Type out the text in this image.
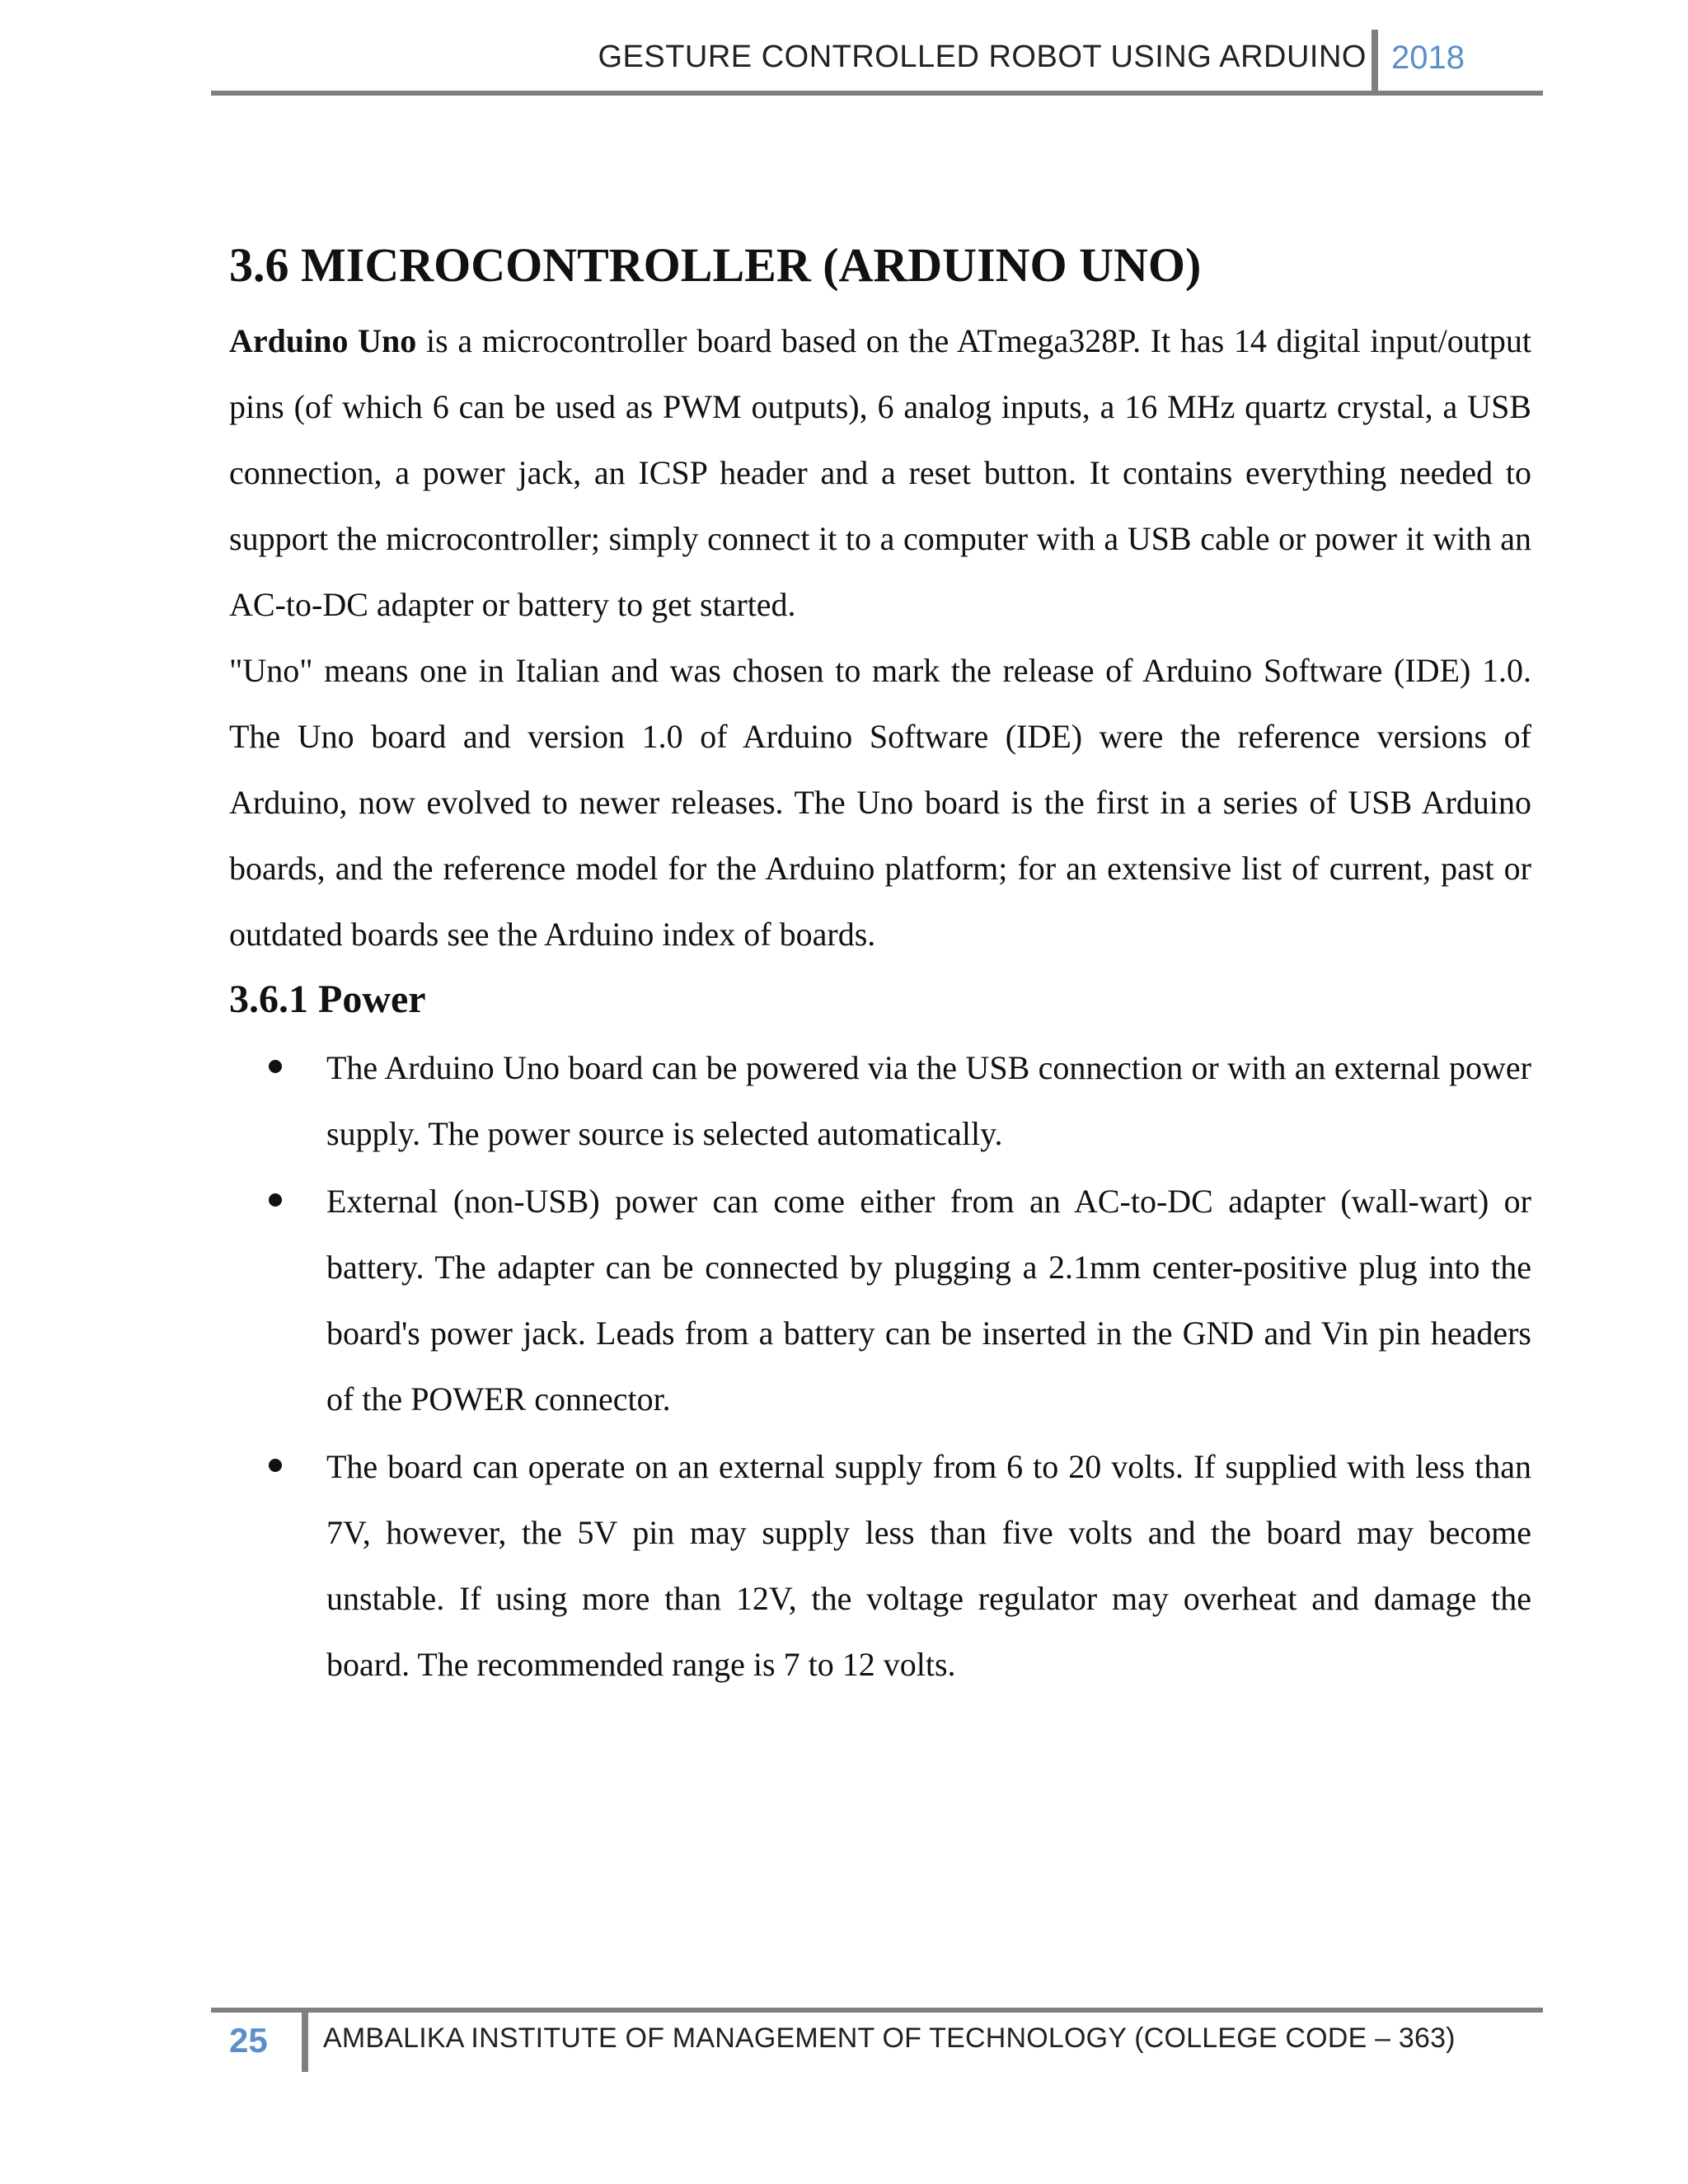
GESTURE CONTROLLED ROBOT USING ARDUINO 2018
3.6 MICROCONTROLLER (ARDUINO UNO)

Arduino Uno is a microcontroller board based on the ATmega328P. It has 14 digital input/output pins (of which 6 can be used as PWM outputs), 6 analog inputs, a 16 MHz quartz crystal, a USB connection, a power jack, an ICSP header and a reset button. It contains everything needed to support the microcontroller; simply connect it to a computer with a USB cable or power it with an AC-to-DC adapter or battery to get started.

"Uno" means one in Italian and was chosen to mark the release of Arduino Software (IDE) 1.0. The Uno board and version 1.0 of Arduino Software (IDE) were the reference versions of Arduino, now evolved to newer releases. The Uno board is the first in a series of USB Arduino boards, and the reference model for the Arduino platform; for an extensive list of current, past or outdated boards see the Arduino index of boards.

3.6.1 Power
The Arduino Uno board can be powered via the USB connection or with an external power supply. The power source is selected automatically.
External (non-USB) power can come either from an AC-to-DC adapter (wall-wart) or battery. The adapter can be connected by plugging a 2.1mm center-positive plug into the board's power jack. Leads from a battery can be inserted in the GND and Vin pin headers of the POWER connector.
The board can operate on an external supply from 6 to 20 volts. If supplied with less than 7V, however, the 5V pin may supply less than five volts and the board may become unstable. If using more than 12V, the voltage regulator may overheat and damage the board. The recommended range is 7 to 12 volts.
25 AMBALIKA INSTITUTE OF MANAGEMENT OF TECHNOLOGY (COLLEGE CODE – 363)
